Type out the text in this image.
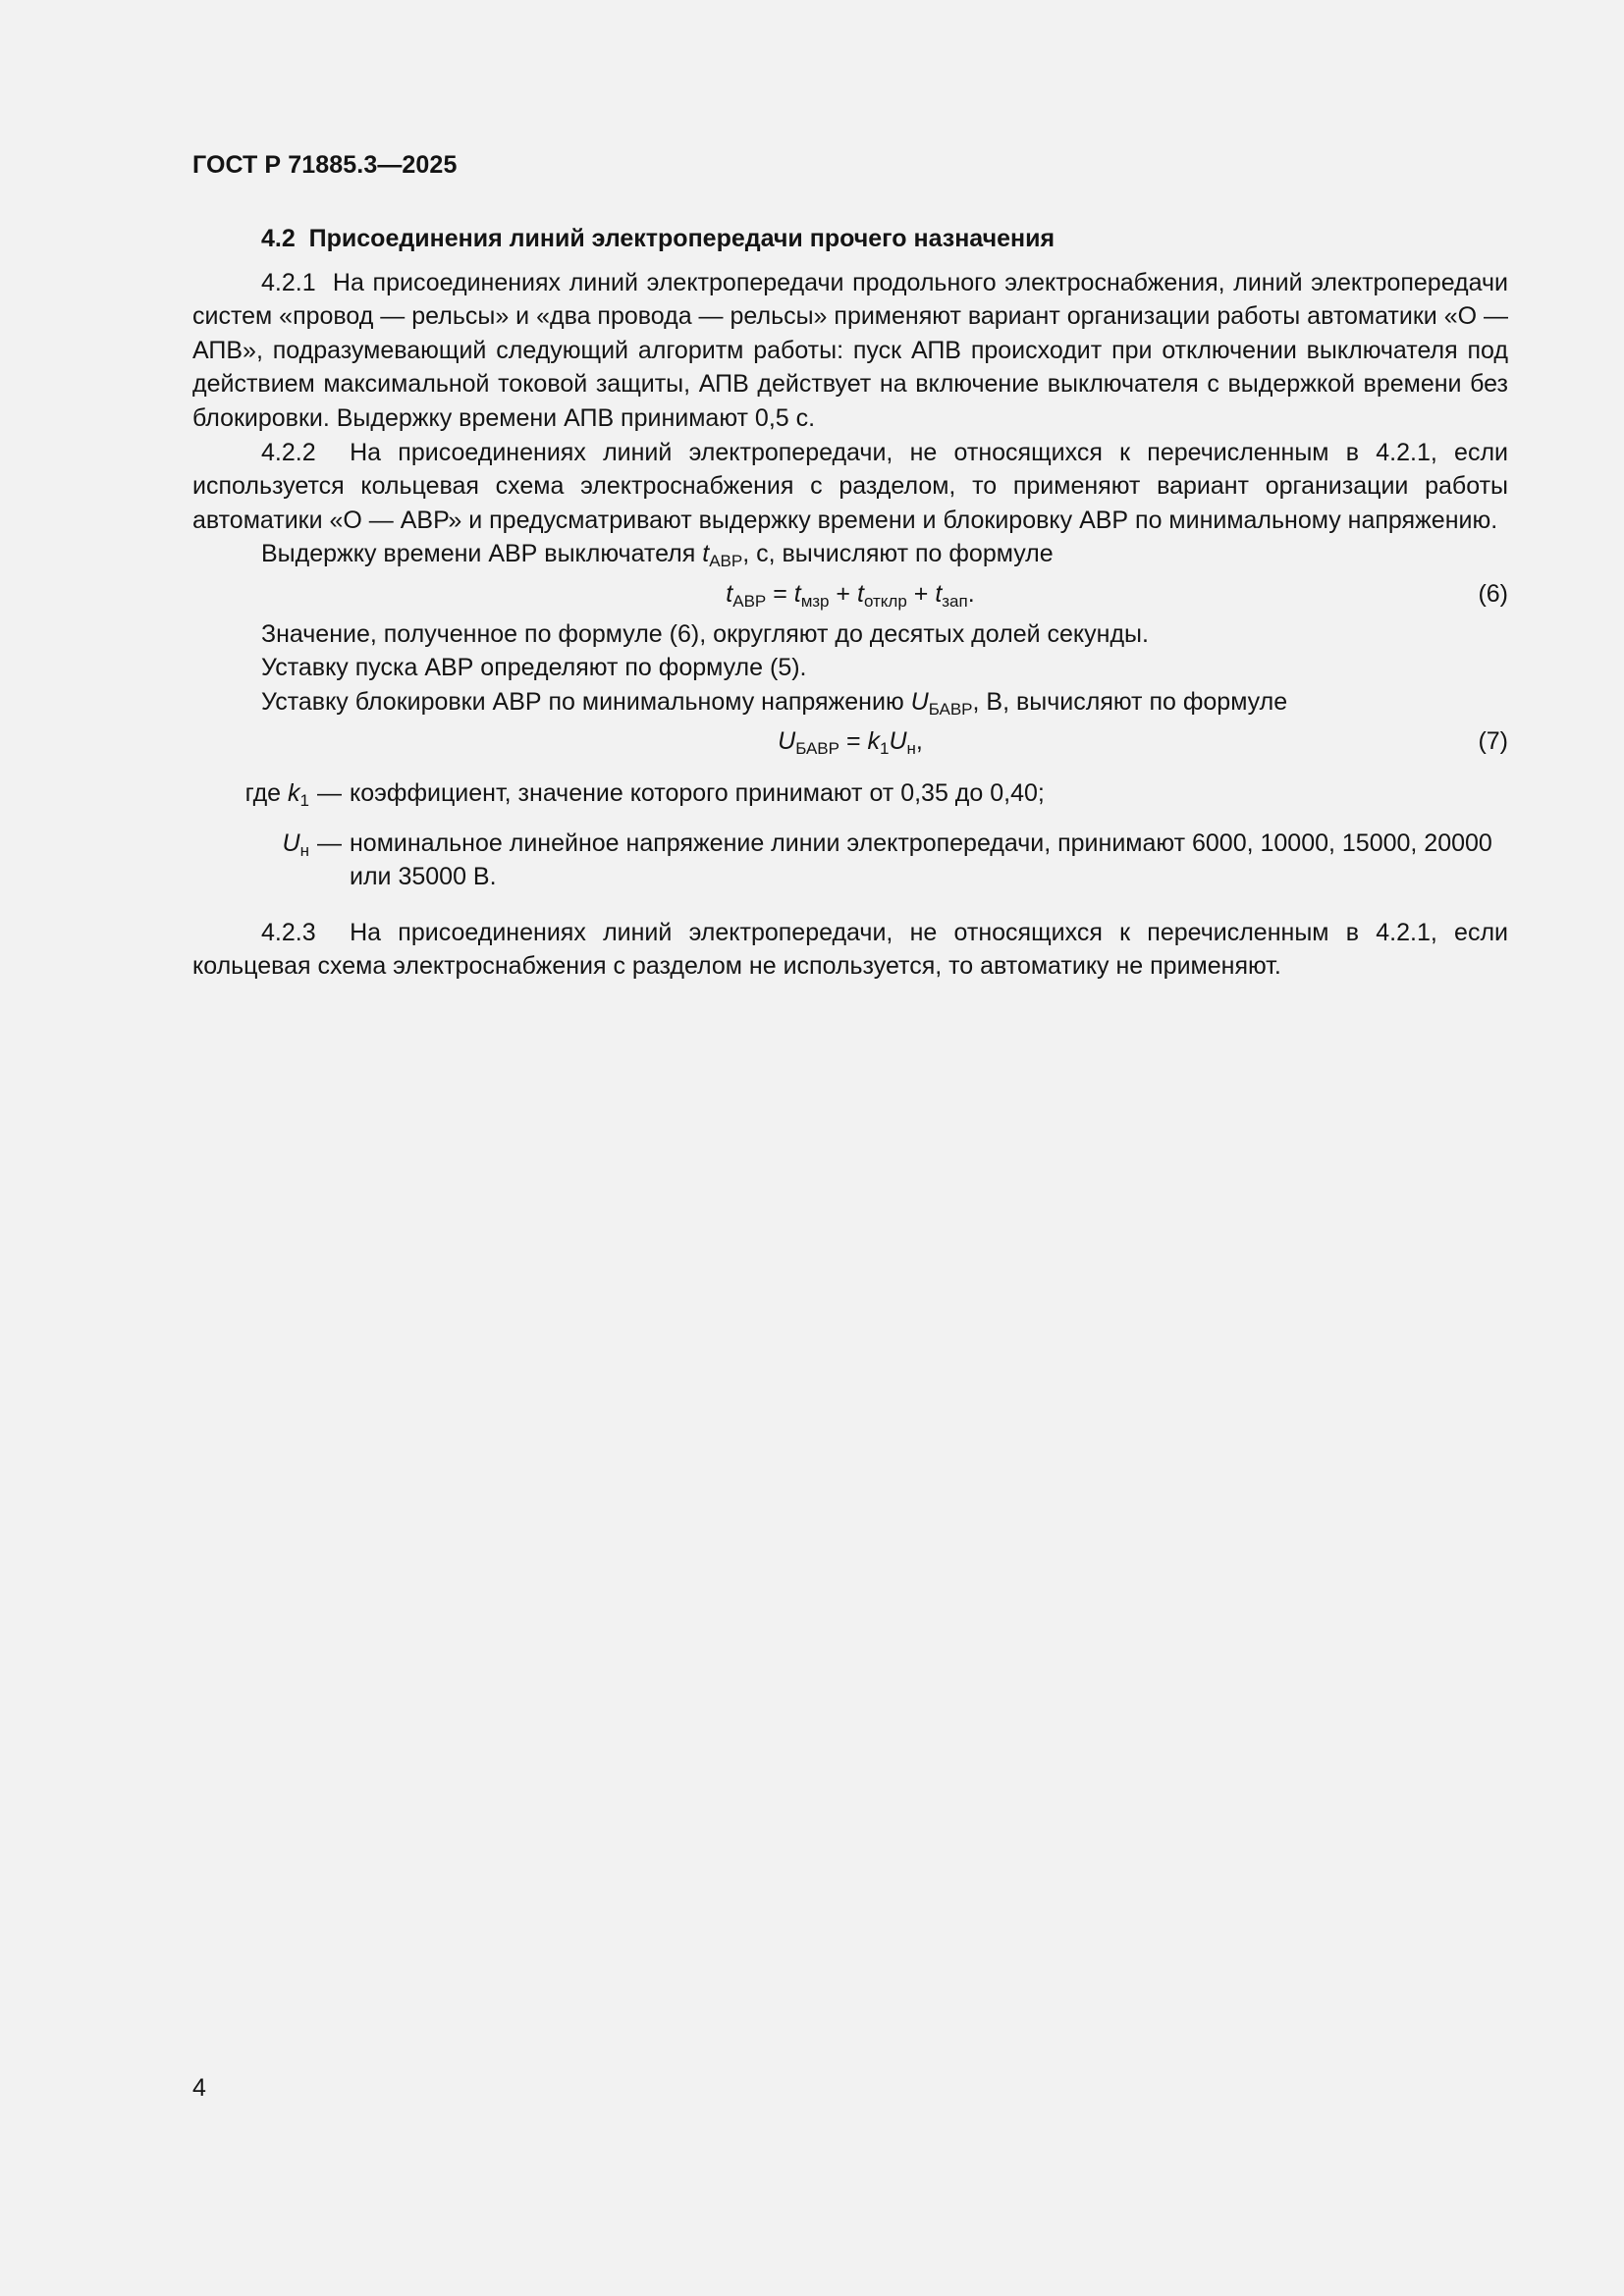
ГОСТ Р 71885.3—2025

4.2 Присоединения линий электропередачи прочего назначения

4.2.1 На присоединениях линий электропередачи продольного электроснабжения, линий электропередачи систем «провод — рельсы» и «два провода — рельсы» применяют вариант организации работы автоматики «О — АПВ», подразумевающий следующий алгоритм работы: пуск АПВ происходит при отключении выключателя под действием максимальной токовой защиты, АПВ действует на включение выключателя с выдержкой времени без блокировки. Выдержку времени АПВ принимают 0,5 с.

4.2.2 На присоединениях линий электропередачи, не относящихся к перечисленным в 4.2.1, если используется кольцевая схема электроснабжения с разделом, то применяют вариант организации работы автоматики «О — АВР» и предусматривают выдержку времени и блокировку АВР по минимальному напряжению.

Выдержку времени АВР выключателя $t_{АВР}$, с, вычисляют по формуле

$t_{АВР} = t_{мзр} + t_{отклр} + t_{зап}$.	(6)

Значение, полученное по формуле (6), округляют до десятых долей секунды.

Уставку пуска АВР определяют по формуле (5).

Уставку блокировки АВР по минимальному напряжению $U_{БАВР}$, В, вычисляют по формуле

$U_{БАВР} = k_1U_н$,	(7)
где $k_1$ — коэффициент, значение которого принимают от 0,35 до 0,40;
$U_н$ — номинальное линейное напряжение линии электропередачи, принимают 6000, 10000, 15000, 20000 или 35000 В.

4.2.3 На присоединениях линий электропередачи, не относящихся к перечисленным в 4.2.1, если кольцевая схема электроснабжения с разделом не используется, то автоматику не применяют.

4
